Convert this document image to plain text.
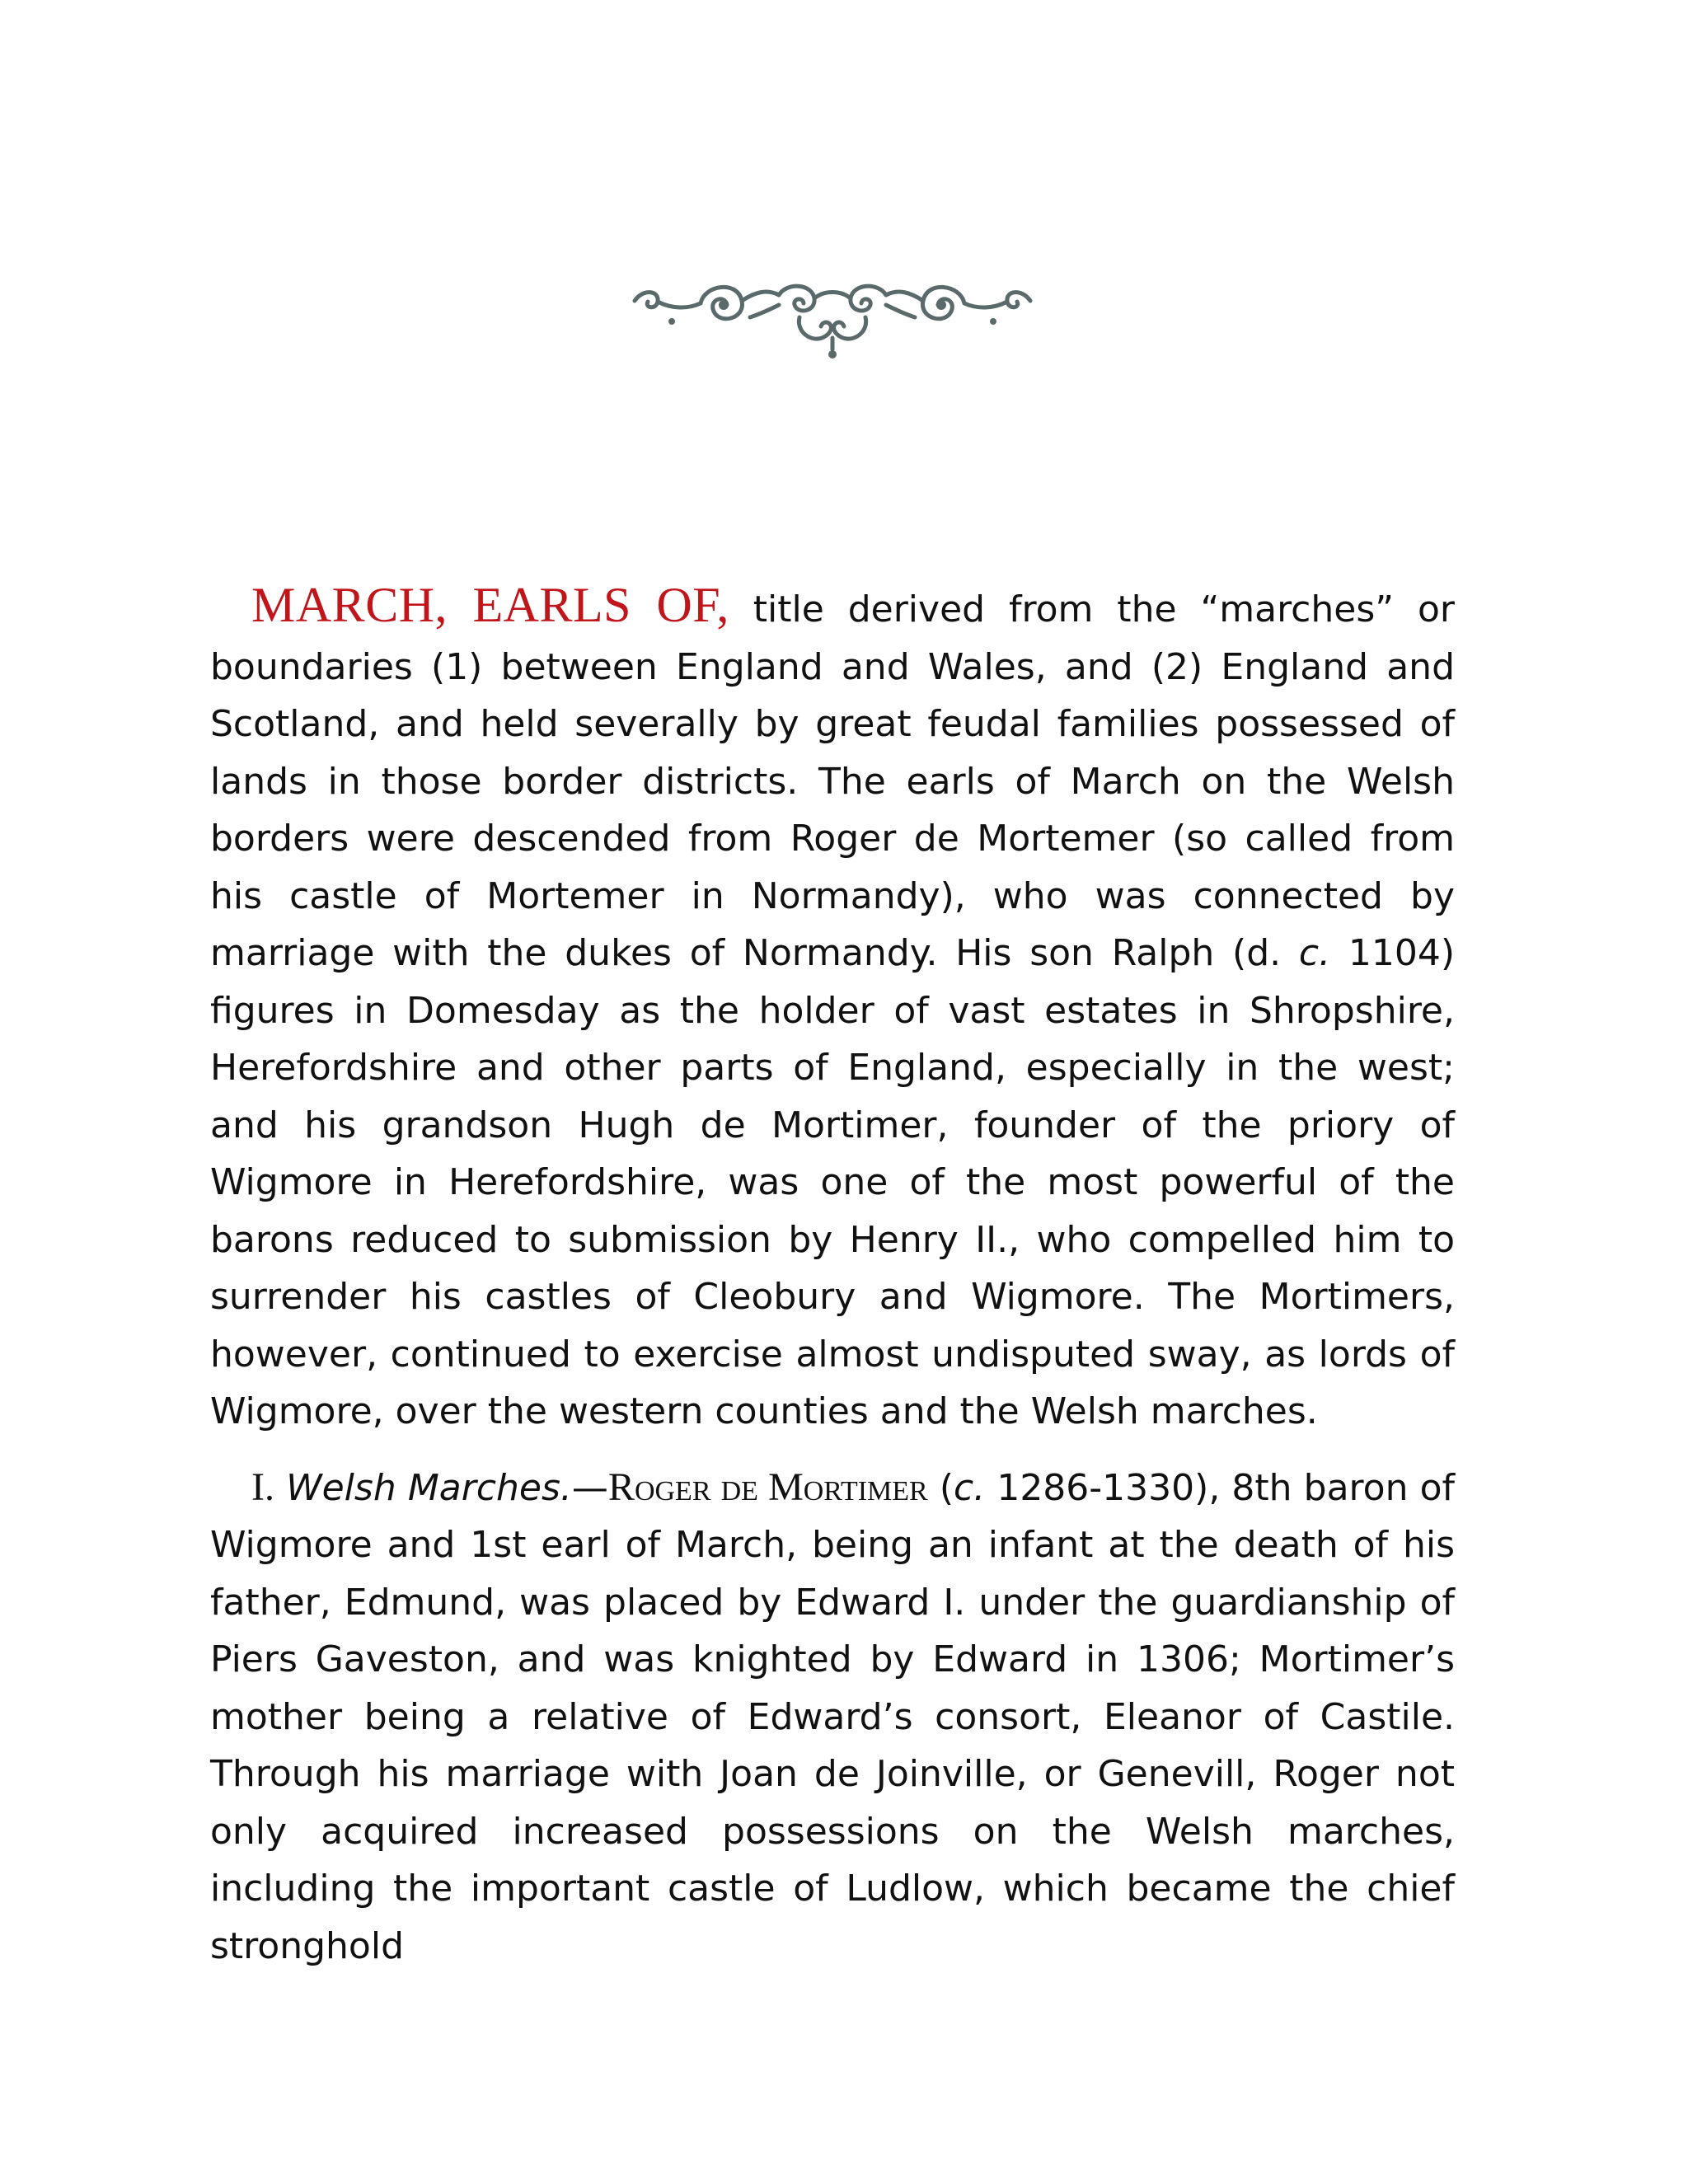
MARCH, EARLS OF, title derived from the “marches” or boundaries (1) between England and Wales, and (2) England and Scotland, and held severally by great feudal families possessed of lands in those border districts. The earls of March on the Welsh borders were descended from Roger de Mortemer (so called from his castle of Mortemer in Normandy), who was connected by marriage with the dukes of Normandy. His son Ralph (d. c. 1104) figures in Domesday as the holder of vast estates in Shropshire, Herefordshire and other parts of England, especially in the west; and his grandson Hugh de Mortimer, founder of the priory of Wigmore in Herefordshire, was one of the most powerful of the barons reduced to submission by Henry II., who compelled him to surrender his castles of Cleobury and Wigmore. The Mortimers, however, continued to exercise almost undisputed sway, as lords of Wigmore, over the western counties and the Welsh marches.

I. Welsh Marches.—Roger de Mortimer (c. 1286-1330), 8th baron of Wigmore and 1st earl of March, being an infant at the death of his father, Edmund, was placed by Edward I. under the guardianship of Piers Gaveston, and was knighted by Edward in 1306; Mortimer’s mother being a relative of Edward’s consort, Eleanor of Castile. Through his marriage with Joan de Joinville, or Genevill, Roger not only acquired increased possessions on the Welsh marches, including the important castle of Ludlow, which became the chief stronghold
